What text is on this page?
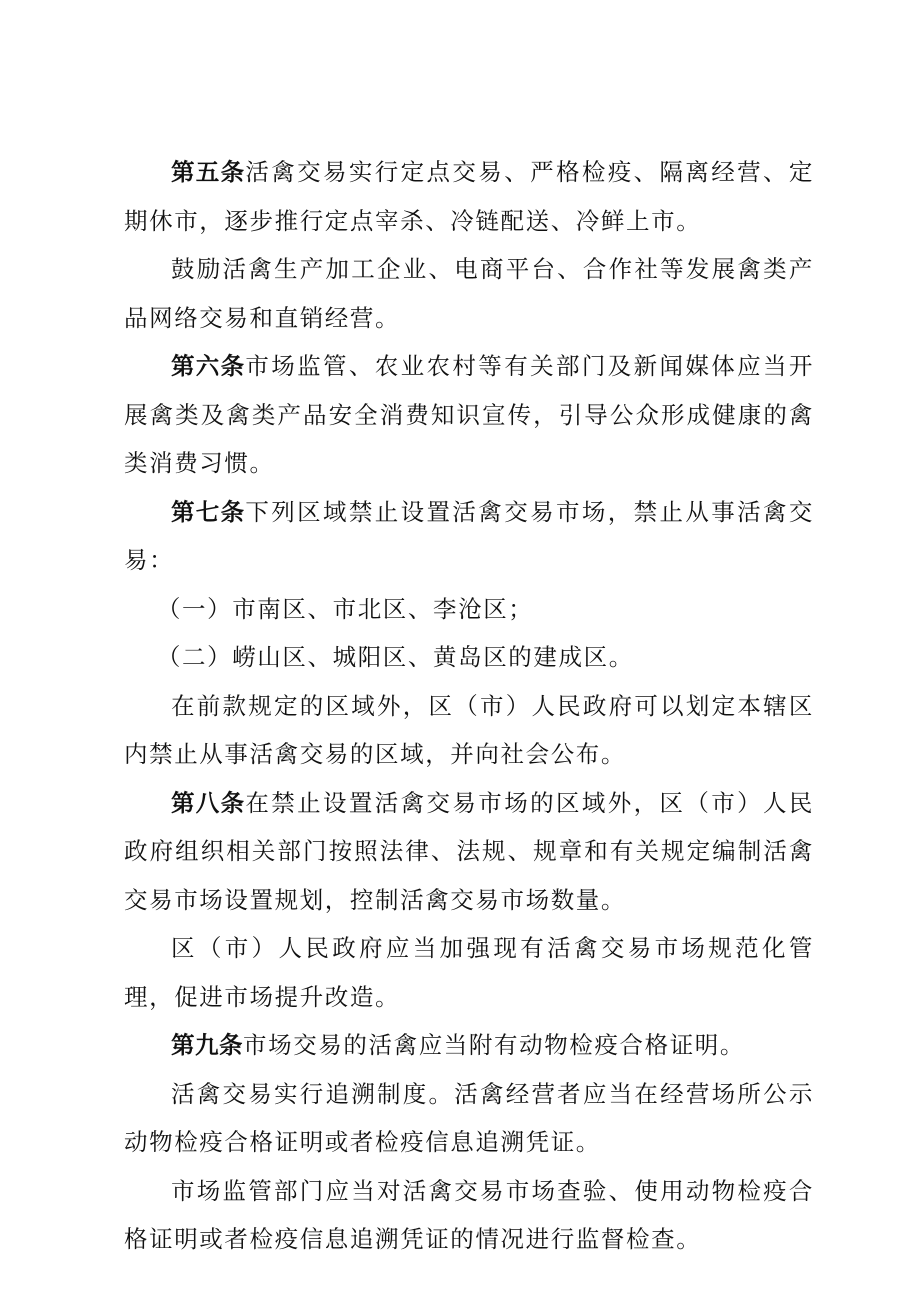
第五条活禽交易实行定点交易、严格检疫、隔离经营、定期休市，逐步推行定点宰杀、冷链配送、冷鲜上市。

鼓励活禽生产加工企业、电商平台、合作社等发展禽类产品网络交易和直销经营。

第六条市场监管、农业农村等有关部门及新闻媒体应当开展禽类及禽类产品安全消费知识宣传，引导公众形成健康的禽类消费习惯。

第七条下列区域禁止设置活禽交易市场，禁止从事活禽交易：

（一）市南区、市北区、李沧区；

（二）崂山区、城阳区、黄岛区的建成区。

在前款规定的区域外，区（市）人民政府可以划定本辖区内禁止从事活禽交易的区域，并向社会公布。

第八条在禁止设置活禽交易市场的区域外，区（市）人民政府组织相关部门按照法律、法规、规章和有关规定编制活禽交易市场设置规划，控制活禽交易市场数量。

区（市）人民政府应当加强现有活禽交易市场规范化管理，促进市场提升改造。

第九条市场交易的活禽应当附有动物检疫合格证明。

活禽交易实行追溯制度。活禽经营者应当在经营场所公示动物检疫合格证明或者检疫信息追溯凭证。

市场监管部门应当对活禽交易市场查验、使用动物检疫合格证明或者检疫信息追溯凭证的情况进行监督检查。
